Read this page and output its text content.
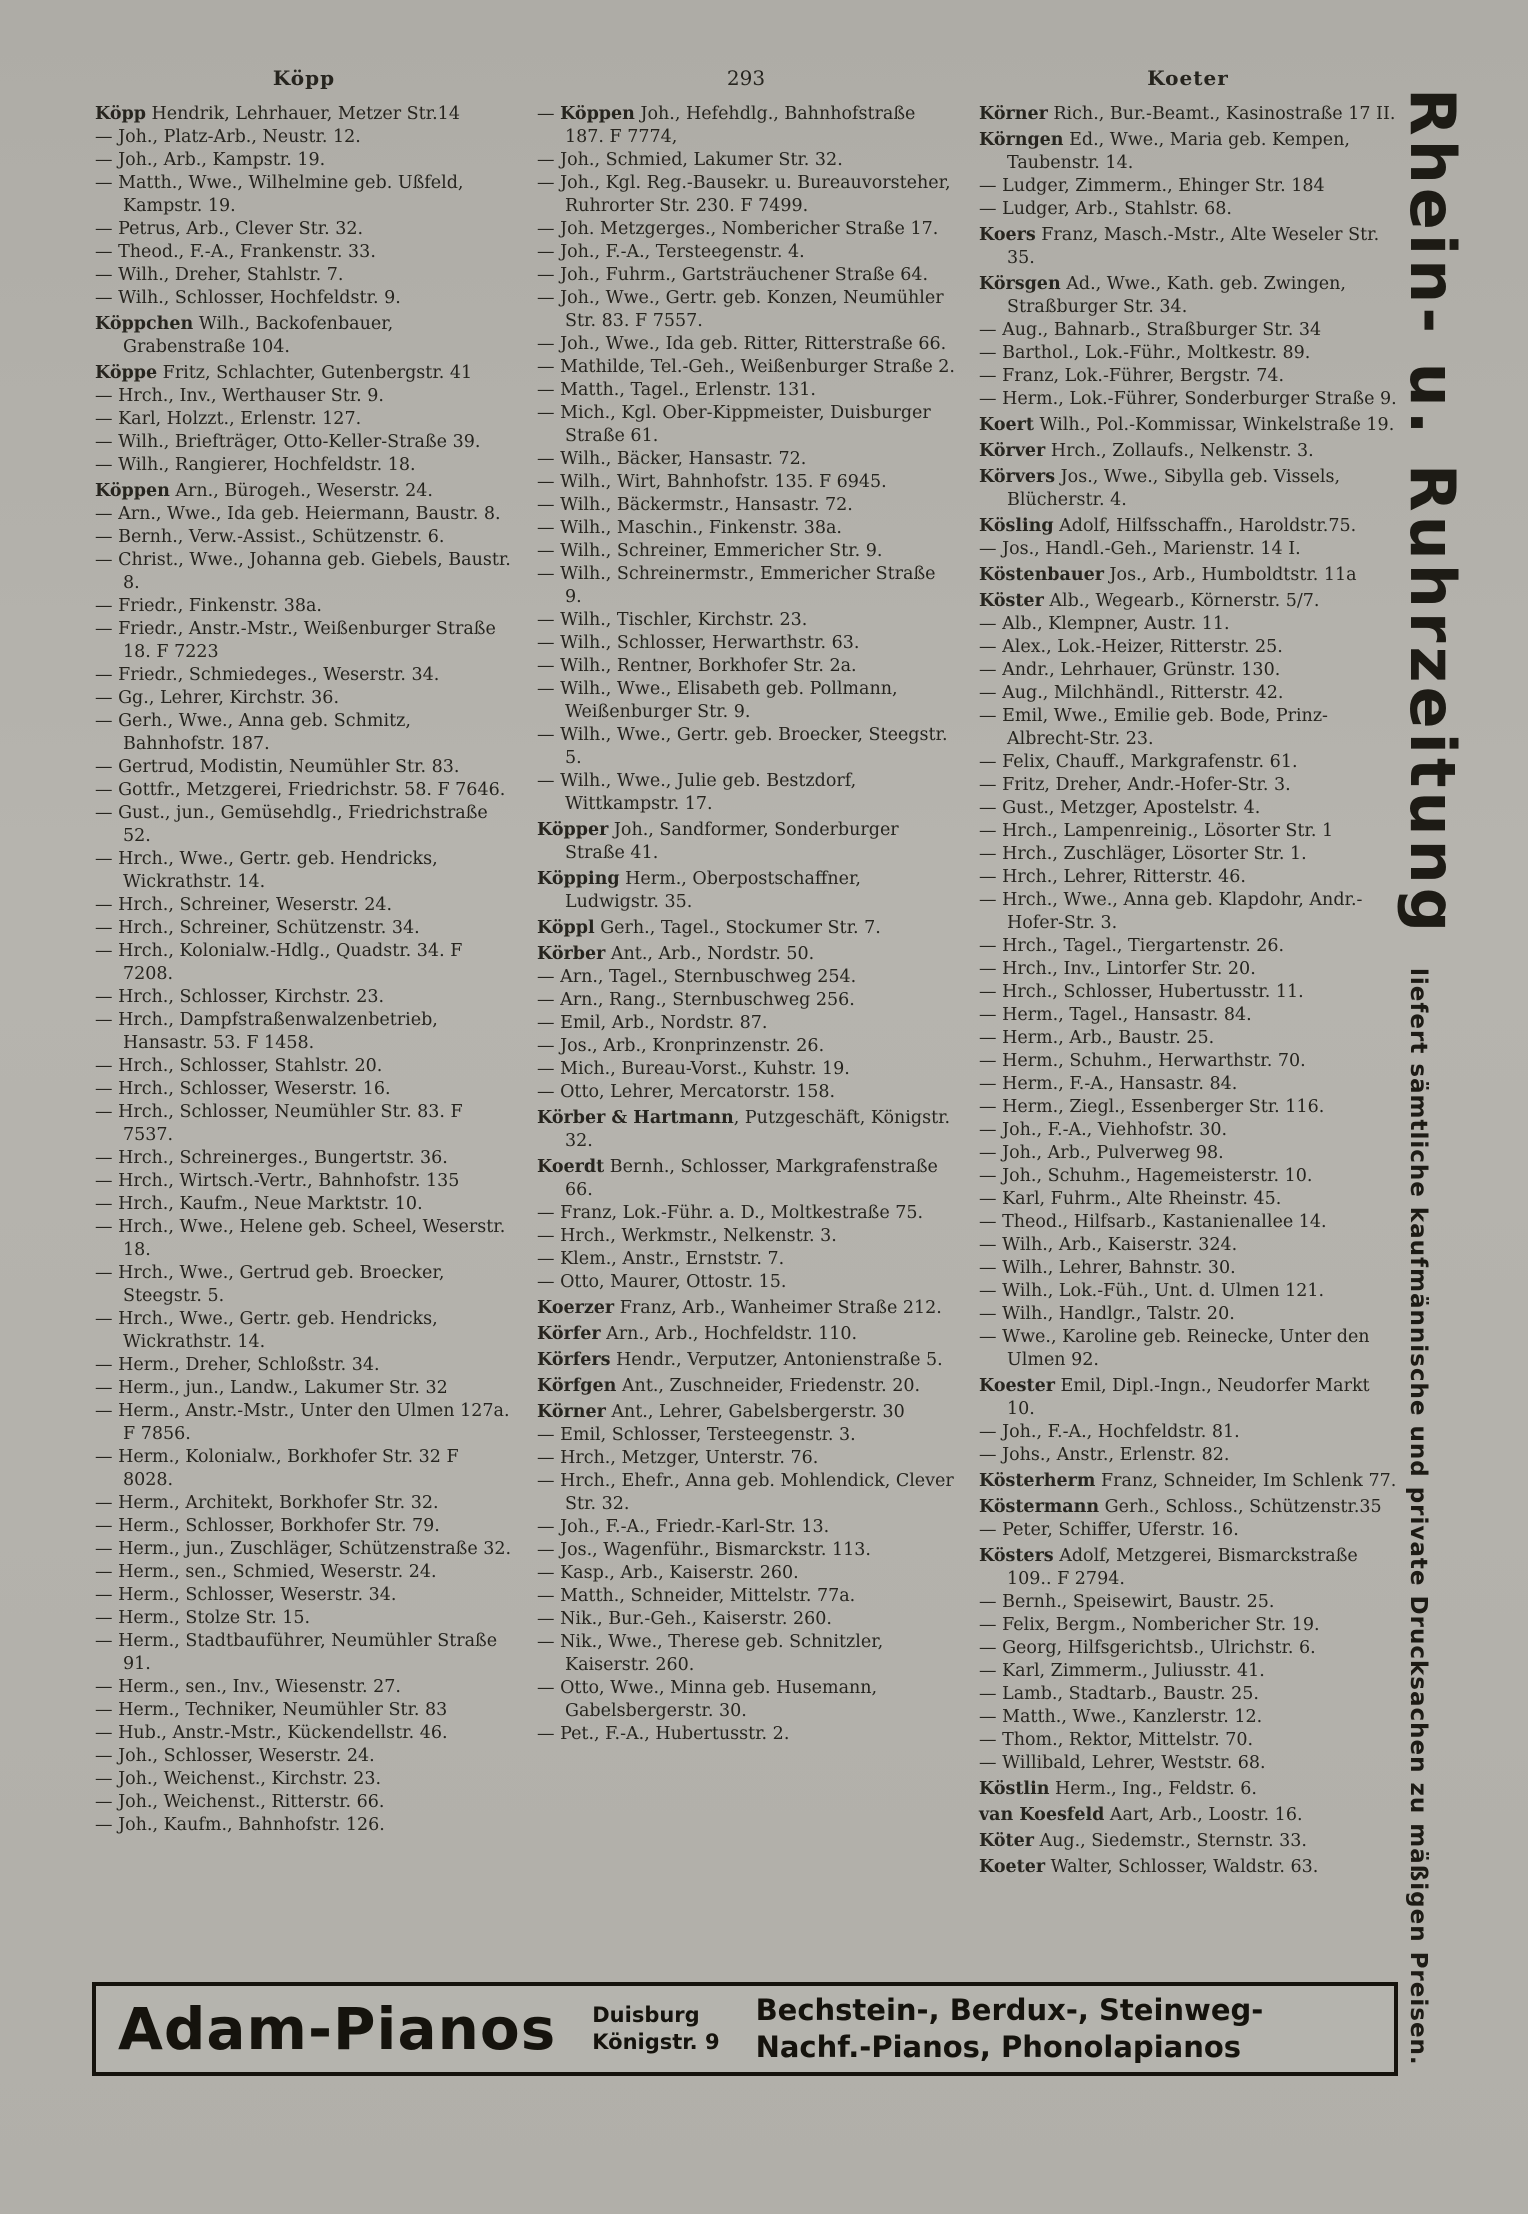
Köpp	293	Koeter

Köpp Hendrik, Lehrhauer, Metzer Str.14

— Joh., Platz-Arb., Neustr. 12.

— Joh., Arb., Kampstr. 19.

— Matth., Wwe., Wilhelmine geb. Ußfeld, Kampstr. 19.

— Petrus, Arb., Clever Str. 32.

— Theod., F.-A., Frankenstr. 33.

— Wilh., Dreher, Stahlstr. 7.

— Wilh., Schlosser, Hochfeldstr. 9.

Köppchen Wilh., Backofenbauer, Grabenstraße 104.

Köppe Fritz, Schlachter, Gutenbergstr. 41

— Hrch., Inv., Werthauser Str. 9.

— Karl, Holzzt., Erlenstr. 127.

— Wilh., Briefträger, Otto-Keller-Straße 39.

— Wilh., Rangierer, Hochfeldstr. 18.

Köppen Arn., Bürogeh., Weserstr. 24.

— Arn., Wwe., Ida geb. Heiermann, Baustr. 8.

— Bernh., Verw.-Assist., Schützenstr. 6.

— Christ., Wwe., Johanna geb. Giebels, Baustr. 8.

— Friedr., Finkenstr. 38a.

— Friedr., Anstr.-Mstr., Weißenburger Straße 18. F 7223

— Friedr., Schmiedeges., Weserstr. 34.

— Gg., Lehrer, Kirchstr. 36.

— Gerh., Wwe., Anna geb. Schmitz, Bahnhofstr. 187.

— Gertrud, Modistin, Neumühler Str. 83.

— Gottfr., Metzgerei, Friedrichstr. 58. F 7646.

— Gust., jun., Gemüsehdlg., Friedrichstraße 52.

— Hrch., Wwe., Gertr. geb. Hendricks, Wickrathstr. 14.

— Hrch., Schreiner, Weserstr. 24.

— Hrch., Schreiner, Schützenstr. 34.

— Hrch., Kolonialw.-Hdlg., Quadstr. 34. F 7208.

— Hrch., Schlosser, Kirchstr. 23.

— Hrch., Dampfstraßenwalzenbetrieb, Hansastr. 53. F 1458.

— Hrch., Schlosser, Stahlstr. 20.

— Hrch., Schlosser, Weserstr. 16.

— Hrch., Schlosser, Neumühler Str. 83. F 7537.

— Hrch., Schreinerges., Bungertstr. 36.

— Hrch., Wirtsch.-Vertr., Bahnhofstr. 135

— Hrch., Kaufm., Neue Marktstr. 10.

— Hrch., Wwe., Helene geb. Scheel, Weserstr. 18.

— Hrch., Wwe., Gertrud geb. Broecker, Steegstr. 5.

— Hrch., Wwe., Gertr. geb. Hendricks, Wickrathstr. 14.

— Herm., Dreher, Schloßstr. 34.

— Herm., jun., Landw., Lakumer Str. 32

— Herm., Anstr.-Mstr., Unter den Ulmen 127a. F 7856.

— Herm., Kolonialw., Borkhofer Str. 32 F 8028.

— Herm., Architekt, Borkhofer Str. 32.

— Herm., Schlosser, Borkhofer Str. 79.

— Herm., jun., Zuschläger, Schützenstraße 32.

— Herm., sen., Schmied, Weserstr. 24.

— Herm., Schlosser, Weserstr. 34.

— Herm., Stolze Str. 15.

— Herm., Stadtbauführer, Neumühler Straße 91.

— Herm., sen., Inv., Wiesenstr. 27.

— Herm., Techniker, Neumühler Str. 83

— Hub., Anstr.-Mstr., Kückendellstr. 46.

— Joh., Schlosser, Weserstr. 24.

— Joh., Weichenst., Kirchstr. 23.

— Joh., Weichenst., Ritterstr. 66.

— Joh., Kaufm., Bahnhofstr. 126.

— Köppen Joh., Hefehdlg., Bahnhofstraße 187. F 7774,

— Joh., Schmied, Lakumer Str. 32.

— Joh., Kgl. Reg.-Bausekr. u. Bureauvorsteher, Ruhrorter Str. 230. F 7499.

— Joh. Metzgerges., Nombericher Straße 17.

— Joh., F.-A., Tersteegenstr. 4.

— Joh., Fuhrm., Gartsträuchener Straße 64.

— Joh., Wwe., Gertr. geb. Konzen, Neumühler Str. 83. F 7557.

— Joh., Wwe., Ida geb. Ritter, Ritterstraße 66.

— Mathilde, Tel.-Geh., Weißenburger Straße 2.

— Matth., Tagel., Erlenstr. 131.

— Mich., Kgl. Ober-Kippmeister, Duisburger Straße 61.

— Wilh., Bäcker, Hansastr. 72.

— Wilh., Wirt, Bahnhofstr. 135. F 6945.

— Wilh., Bäckermstr., Hansastr. 72.

— Wilh., Maschin., Finkenstr. 38a.

— Wilh., Schreiner, Emmericher Str. 9.

— Wilh., Schreinermstr., Emmericher Straße 9.

— Wilh., Tischler, Kirchstr. 23.

— Wilh., Schlosser, Herwarthstr. 63.

— Wilh., Rentner, Borkhofer Str. 2a.

— Wilh., Wwe., Elisabeth geb. Pollmann, Weißenburger Str. 9.

— Wilh., Wwe., Gertr. geb. Broecker, Steegstr. 5.

— Wilh., Wwe., Julie geb. Bestzdorf, Wittkampstr. 17.

Köpper Joh., Sandformer, Sonderburger Straße 41.

Köpping Herm., Oberpostschaffner, Ludwigstr. 35.

Köppl Gerh., Tagel., Stockumer Str. 7.

Körber Ant., Arb., Nordstr. 50.

— Arn., Tagel., Sternbuschweg 254.

— Arn., Rang., Sternbuschweg 256.

— Emil, Arb., Nordstr. 87.

— Jos., Arb., Kronprinzenstr. 26.

— Mich., Bureau-Vorst., Kuhstr. 19.

— Otto, Lehrer, Mercatorstr. 158.

Körber & Hartmann, Putzgeschäft, Königstr. 32.

Koerdt Bernh., Schlosser, Markgrafenstraße 66.

— Franz, Lok.-Führ. a. D., Moltkestraße 75.

— Hrch., Werkmstr., Nelkenstr. 3.

— Klem., Anstr., Ernststr. 7.

— Otto, Maurer, Ottostr. 15.

Koerzer Franz, Arb., Wanheimer Straße 212.

Körfer Arn., Arb., Hochfeldstr. 110.

Körfers Hendr., Verputzer, Antonienstraße 5.

Körfgen Ant., Zuschneider, Friedenstr. 20.

Körner Ant., Lehrer, Gabelsbergerstr. 30

— Emil, Schlosser, Tersteegenstr. 3.

— Hrch., Metzger, Unterstr. 76.

— Hrch., Ehefr., Anna geb. Mohlendick, Clever Str. 32.

— Joh., F.-A., Friedr.-Karl-Str. 13.

— Jos., Wagenführ., Bismarckstr. 113.

— Kasp., Arb., Kaiserstr. 260.

— Matth., Schneider, Mittelstr. 77a.

— Nik., Bur.-Geh., Kaiserstr. 260.

— Nik., Wwe., Therese geb. Schnitzler, Kaiserstr. 260.

— Otto, Wwe., Minna geb. Husemann, Gabelsbergerstr. 30.

— Pet., F.-A., Hubertusstr. 2.

Körner Rich., Bur.-Beamt., Kasinostraße 17 II.

Körngen Ed., Wwe., Maria geb. Kempen, Taubenstr. 14.

— Ludger, Zimmerm., Ehinger Str. 184

— Ludger, Arb., Stahlstr. 68.

Koers Franz, Masch.-Mstr., Alte Weseler Str. 35.

Körsgen Ad., Wwe., Kath. geb. Zwingen, Straßburger Str. 34.

— Aug., Bahnarb., Straßburger Str. 34

— Barthol., Lok.-Führ., Moltkestr. 89.

— Franz, Lok.-Führer, Bergstr. 74.

— Herm., Lok.-Führer, Sonderburger Straße 9.

Koert Wilh., Pol.-Kommissar, Winkelstraße 19.

Körver Hrch., Zollaufs., Nelkenstr. 3.

Körvers Jos., Wwe., Sibylla geb. Vissels, Blücherstr. 4.

Kösling Adolf, Hilfsschaffn., Haroldstr.75.

— Jos., Handl.-Geh., Marienstr. 14 I.

Köstenbauer Jos., Arb., Humboldtstr. 11a

Köster Alb., Wegearb., Körnerstr. 5/7.

— Alb., Klempner, Austr. 11.

— Alex., Lok.-Heizer, Ritterstr. 25.

— Andr., Lehrhauer, Grünstr. 130.

— Aug., Milchhändl., Ritterstr. 42.

— Emil, Wwe., Emilie geb. Bode, Prinz-Albrecht-Str. 23.

— Felix, Chauff., Markgrafenstr. 61.

— Fritz, Dreher, Andr.-Hofer-Str. 3.

— Gust., Metzger, Apostelstr. 4.

— Hrch., Lampenreinig., Lösorter Str. 1

— Hrch., Zuschläger, Lösorter Str. 1.

— Hrch., Lehrer, Ritterstr. 46.

— Hrch., Wwe., Anna geb. Klapdohr, Andr.-Hofer-Str. 3.

— Hrch., Tagel., Tiergartenstr. 26.

— Hrch., Inv., Lintorfer Str. 20.

— Hrch., Schlosser, Hubertusstr. 11.

— Herm., Tagel., Hansastr. 84.

— Herm., Arb., Baustr. 25.

— Herm., Schuhm., Herwarthstr. 70.

— Herm., F.-A., Hansastr. 84.

— Herm., Ziegl., Essenberger Str. 116.

— Joh., F.-A., Viehhofstr. 30.

— Joh., Arb., Pulverweg 98.

— Joh., Schuhm., Hagemeisterstr. 10.

— Karl, Fuhrm., Alte Rheinstr. 45.

— Theod., Hilfsarb., Kastanienallee 14.

— Wilh., Arb., Kaiserstr. 324.

— Wilh., Lehrer, Bahnstr. 30.

— Wilh., Lok.-Füh., Unt. d. Ulmen 121.

— Wilh., Handlgr., Talstr. 20.

— Wwe., Karoline geb. Reinecke, Unter den Ulmen 92.

Koester Emil, Dipl.-Ingn., Neudorfer Markt 10.

— Joh., F.-A., Hochfeldstr. 81.

— Johs., Anstr., Erlenstr. 82.

Kösterherm Franz, Schneider, Im Schlenk 77.

Köstermann Gerh., Schloss., Schützenstr.35

— Peter, Schiffer, Uferstr. 16.

Kösters Adolf, Metzgerei, Bismarckstraße 109.. F 2794.

— Bernh., Speisewirt, Baustr. 25.

— Felix, Bergm., Nombericher Str. 19.

— Georg, Hilfsgerichtsb., Ulrichstr. 6.

— Karl, Zimmerm., Juliusstr. 41.

— Lamb., Stadtarb., Baustr. 25.

— Matth., Wwe., Kanzlerstr. 12.

— Thom., Rektor, Mittelstr. 70.

— Willibald, Lehrer, Weststr. 68.

Köstlin Herm., Ing., Feldstr. 6.

van Koesfeld Aart, Arb., Loostr. 16.

Köter Aug., Siedemstr., Sternstr. 33.

Koeter Walter, Schlosser, Waldstr. 63.

Rhein- u. Ruhrzeitung liefert sämtliche kaufmännische und private Drucksachen zu mäßigen Preisen.
Adam-Pianos Duisburg
Königstr. 9
Bechstein-, Berdux-, Steinweg-
Nachf.-Pianos, Phonolapianos
